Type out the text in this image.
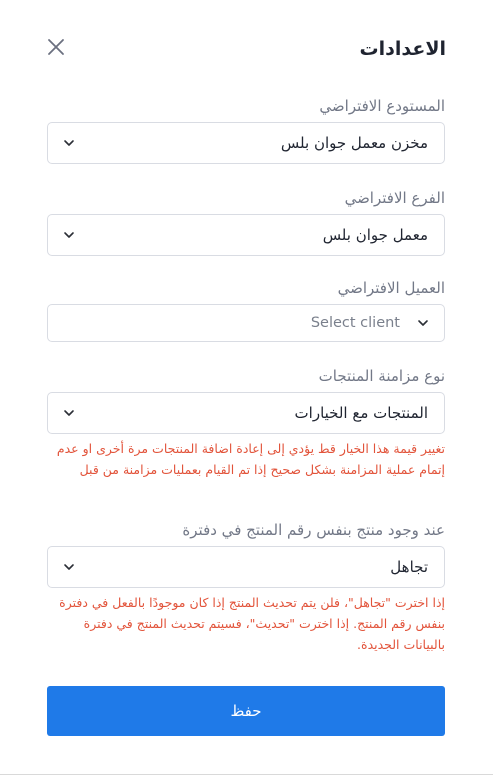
الاعدادات
المستودع الافتراضي
مخزن معمل جوان بلس
الفرع الافتراضي
معمل جوان بلس
العميل الافتراضي
Select client
نوع مزامنة المنتجات
المنتجات مع الخيارات
تغيير قيمة هذا الخيار قط يؤدي إلى إعادة اضافة المنتجات مرة أخرى او عدم إتمام عملية المزامنة بشكل صحيح إذا تم القيام بعمليات مزامنة من قبل
عند وجود منتج بنفس رقم المنتج في دفترة
تجاهل
إذا اخترت "تجاهل"، فلن يتم تحديث المنتج إذا كان موجودًا بالفعل في دفترة بنفس رقم المنتج. إذا اخترت "تحديث"، فسيتم تحديث المنتج في دفترة بالبيانات الجديدة.
حفظ
